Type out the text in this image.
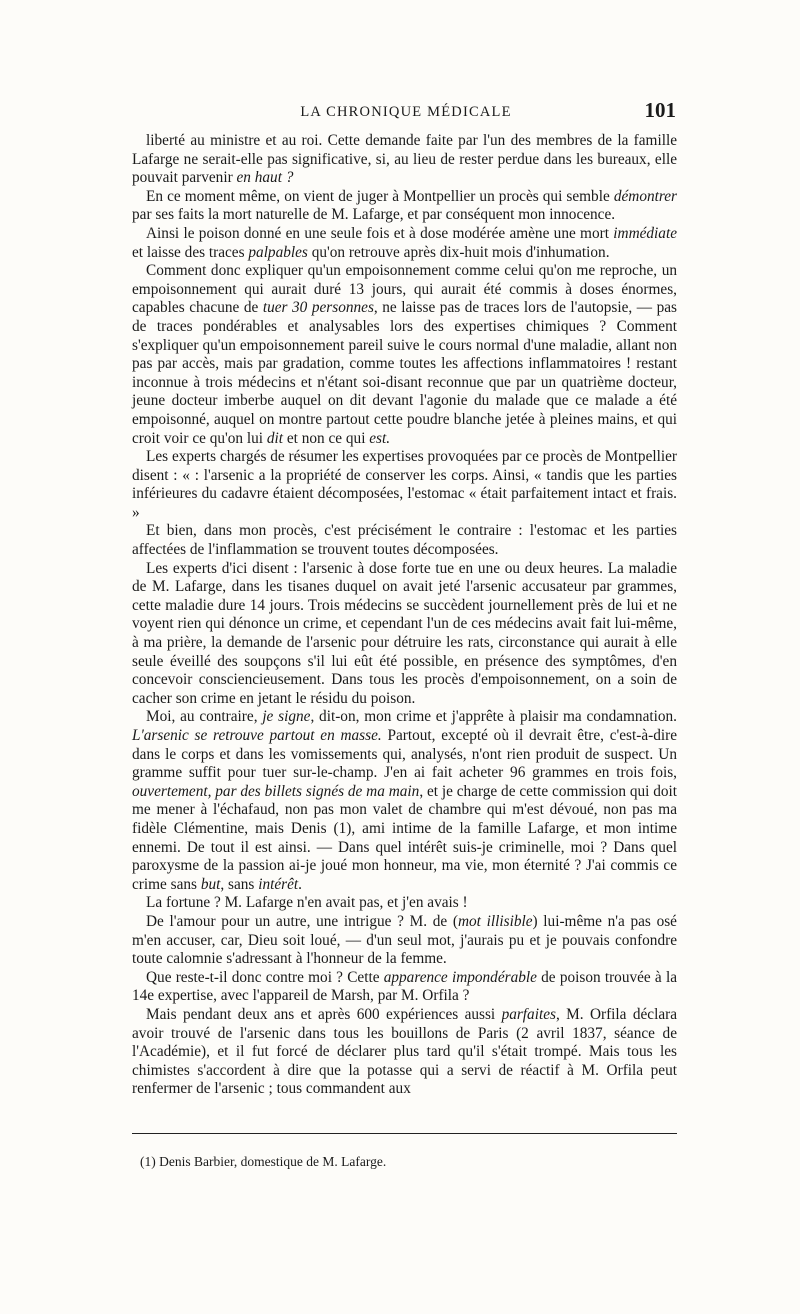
LA CHRONIQUE MÉDICALE	101

liberté au ministre et au roi. Cette demande faite par l'un des membres de la famille Lafarge ne serait-elle pas significative, si, au lieu de rester perdue dans les bureaux, elle pouvait parvenir en haut ?

En ce moment même, on vient de juger à Montpellier un procès qui semble démontrer par ses faits la mort naturelle de M. Lafarge, et par conséquent mon innocence.

Ainsi le poison donné en une seule fois et à dose modérée amène une mort immédiate et laisse des traces palpables qu'on retrouve après dix-huit mois d'inhumation.

Comment donc expliquer qu'un empoisonnement comme celui qu'on me reproche, un empoisonnement qui aurait duré 13 jours, qui aurait été commis à doses énormes, capables chacune de tuer 30 personnes, ne laisse pas de traces lors de l'autopsie, — pas de traces pondérables et analysables lors des expertises chimiques ? Comment s'expliquer qu'un empoisonnement pareil suive le cours normal d'une maladie, allant non pas par accès, mais par gradation, comme toutes les affections inflammatoires ! restant inconnue à trois médecins et n'étant soi-disant reconnue que par un quatrième docteur, jeune docteur imberbe auquel on dit devant l'agonie du malade que ce malade a été empoisonné, auquel on montre partout cette poudre blanche jetée à pleines mains, et qui croit voir ce qu'on lui dit et non ce qui est.

Les experts chargés de résumer les expertises provoquées par ce procès de Montpellier disent : « : l'arsenic a la propriété de conserver les corps. Ainsi, « tandis que les parties inférieures du cadavre étaient décomposées, l'estomac « était parfaitement intact et frais. »

Et bien, dans mon procès, c'est précisément le contraire : l'estomac et les parties affectées de l'inflammation se trouvent toutes décomposées.

Les experts d'ici disent : l'arsenic à dose forte tue en une ou deux heures. La maladie de M. Lafarge, dans les tisanes duquel on avait jeté l'arsenic accusateur par grammes, cette maladie dure 14 jours. Trois médecins se succèdent journellement près de lui et ne voyent rien qui dénonce un crime, et cependant l'un de ces médecins avait fait lui-même, à ma prière, la demande de l'arsenic pour détruire les rats, circonstance qui aurait à elle seule éveillé des soupçons s'il lui eût été possible, en présence des symptômes, d'en concevoir consciencieusement. Dans tous les procès d'empoisonnement, on a soin de cacher son crime en jetant le résidu du poison.

Moi, au contraire, je signe, dit-on, mon crime et j'apprête à plaisir ma condamnation. L'arsenic se retrouve partout en masse. Partout, excepté où il devrait être, c'est-à-dire dans le corps et dans les vomissements qui, analysés, n'ont rien produit de suspect. Un gramme suffit pour tuer sur-le-champ. J'en ai fait acheter 96 grammes en trois fois, ouvertement, par des billets signés de ma main, et je charge de cette commission qui doit me mener à l'échafaud, non pas mon valet de chambre qui m'est dévoué, non pas ma fidèle Clémentine, mais Denis (1), ami intime de la famille Lafarge, et mon intime ennemi. De tout il est ainsi. — Dans quel intérêt suis-je criminelle, moi ? Dans quel paroxysme de la passion ai-je joué mon honneur, ma vie, mon éternité ? J'ai commis ce crime sans but, sans intérêt.

La fortune ? M. Lafarge n'en avait pas, et j'en avais !

De l'amour pour un autre, une intrigue ? M. de (mot illisible) lui-même n'a pas osé m'en accuser, car, Dieu soit loué, — d'un seul mot, j'aurais pu et je pouvais confondre toute calomnie s'adressant à l'honneur de la femme.

Que reste-t-il donc contre moi ? Cette apparence impondérable de poison trouvée à la 14e expertise, avec l'appareil de Marsh, par M. Orfila ?

Mais pendant deux ans et après 600 expériences aussi parfaites, M. Orfila déclara avoir trouvé de l'arsenic dans tous les bouillons de Paris (2 avril 1837, séance de l'Académie), et il fut forcé de déclarer plus tard qu'il s'était trompé. Mais tous les chimistes s'accordent à dire que la potasse qui a servi de réactif à M. Orfila peut renfermer de l'arsenic ; tous commandent aux

(1) Denis Barbier, domestique de M. Lafarge.
